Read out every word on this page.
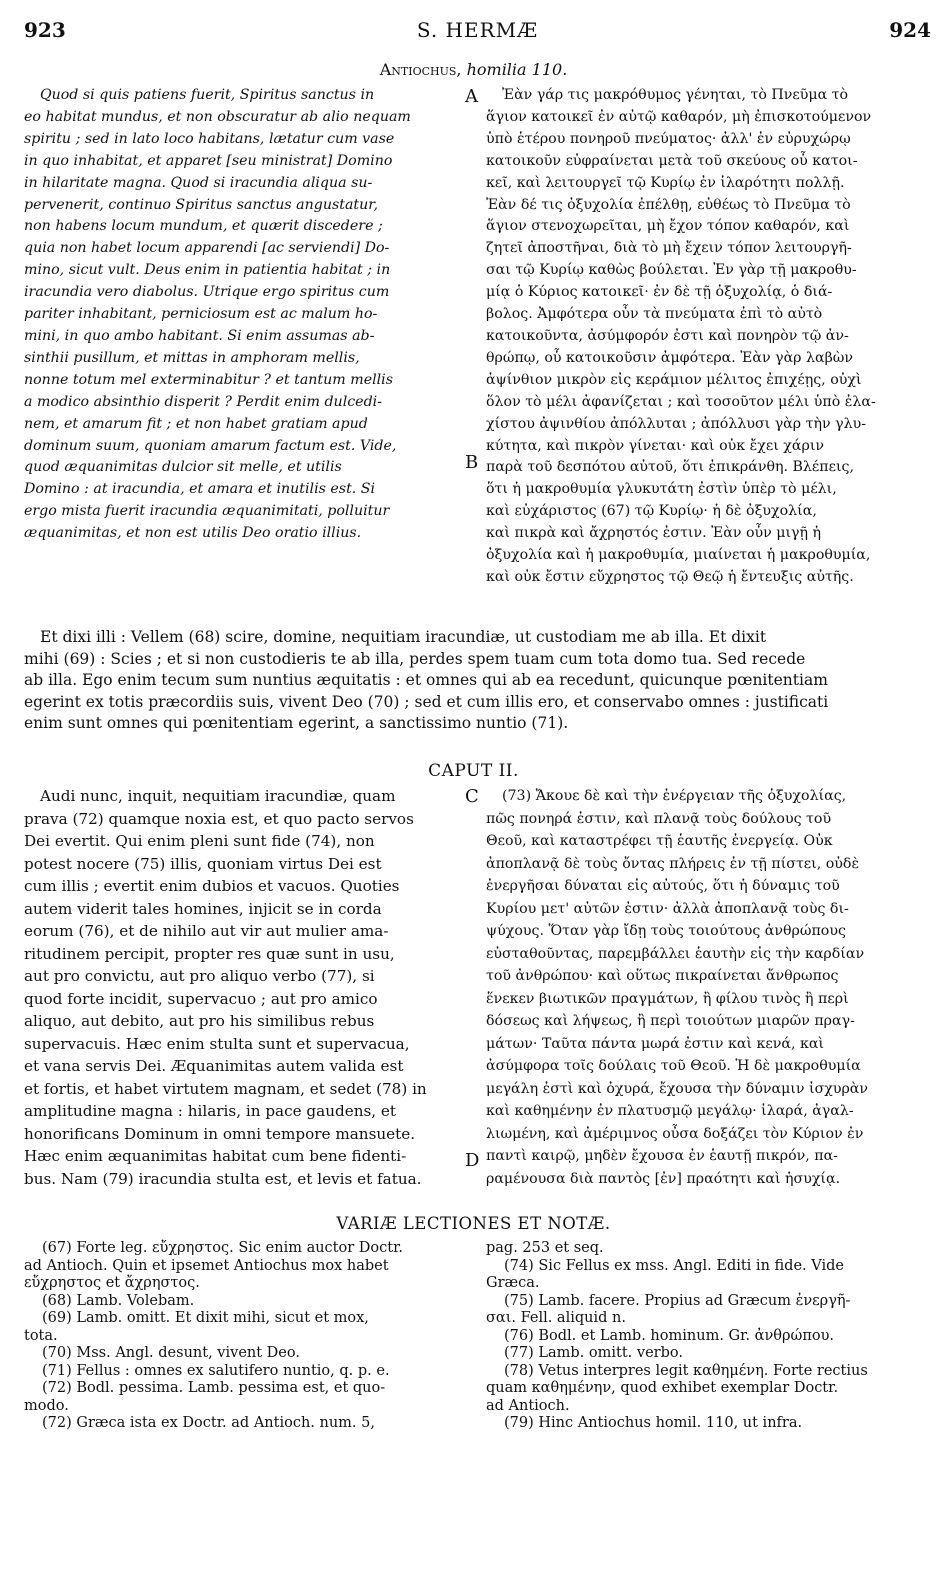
923	S. HERMÆ	924
Antiochus, homilia 110.
Quod si quis patiens fuerit, Spiritus sanctus in
eo habitat mundus, et non obscuratur ab alio nequam
spiritu ; sed in lato loco habitans, lætatur cum vase
in quo inhabitat, et apparet [seu ministrat] Domino
in hilaritate magna. Quod si iracundia aliqua su-
pervenerit, continuo Spiritus sanctus angustatur,
non habens locum mundum, et quærit discedere ;
quia non habet locum apparendi [ac serviendi] Do-
mino, sicut vult. Deus enim in patientia habitat ; in
iracundia vero diabolus. Utrique ergo spiritus cum
pariter inhabitant, perniciosum est ac malum ho-
mini, in quo ambo habitant. Si enim assumas ab-
sinthii pusillum, et mittas in amphoram mellis,
nonne totum mel exterminabitur ? et tantum mellis
a modico absinthio disperit ? Perdit enim dulcedi-
nem, et amarum fit ; et non habet gratiam apud
dominum suum, quoniam amarum factum est. Vide,
quod æquanimitas dulcior sit melle, et utilis
Domino : at iracundia, et amara et inutilis est. Si
ergo mista fuerit iracundia æquanimitati, polluitur
æquanimitas, et non est utilis Deo oratio illius.
Ἐὰν γάρ τις μακρόθυμος γένηται, τὸ Πνεῦμα τὸ
ἅγιον κατοικεῖ ἐν αὐτῷ καθαρόν, μὴ ἐπισκοτούμενον
ὑπὸ ἑτέρου πονηροῦ πνεύματος· ἀλλ' ἐν εὐρυχώρῳ
κατοικοῦν εὐφραίνεται μετὰ τοῦ σκεύους οὗ κατοι-
κεῖ, καὶ λειτουργεῖ τῷ Κυρίῳ ἐν ἱλαρότητι πολλῇ.
Ἐὰν δέ τις ὀξυχολία ἐπέλθῃ, εὐθέως τὸ Πνεῦμα τὸ
ἅγιον στενοχωρεῖται, μὴ ἔχον τόπον καθαρόν, καὶ
ζητεῖ ἀποστῆναι, διὰ τὸ μὴ ἔχειν τόπον λειτουργῆ-
σαι τῷ Κυρίῳ καθὼς βούλεται. Ἐν γὰρ τῇ μακροθυ-
μίᾳ ὁ Κύριος κατοικεῖ· ἐν δὲ τῇ ὀξυχολίᾳ, ὁ διά-
βολος. Ἀμφότερα οὖν τὰ πνεύματα ἐπὶ τὸ αὐτὸ
κατοικοῦντα, ἀσύμφορόν ἐστι καὶ πονηρὸν τῷ ἀν-
θρώπῳ, οὗ κατοικοῦσιν ἀμφότερα. Ἐὰν γὰρ λαβὼν
ἀψίνθιον μικρὸν εἰς κεράμιον μέλιτος ἐπιχέῃς, οὐχὶ
ὅλον τὸ μέλι ἀφανίζεται ; καὶ τοσοῦτον μέλι ὑπὸ ἐλα-
χίστου ἀψινθίου ἀπόλλυται ; ἀπόλλυσι γὰρ τὴν γλυ-
κύτητα, καὶ πικρὸν γίνεται· καὶ οὐκ ἔχει χάριν
παρὰ τοῦ δεσπότου αὐτοῦ, ὅτι ἐπικράνθη. Βλέπεις,
ὅτι ἡ μακροθυμία γλυκυτάτη ἐστὶν ὑπὲρ τὸ μέλι,
καὶ εὐχάριστος (67) τῷ Κυρίῳ· ἡ δὲ ὀξυχολία,
καὶ πικρὰ καὶ ἄχρηστός ἐστιν. Ἐὰν οὖν μιγῇ ἡ
ὀξυχολία καὶ ἡ μακροθυμία, μιαίνεται ἡ μακροθυμία,
καὶ οὐκ ἔστιν εὔχρηστος τῷ Θεῷ ἡ ἔντευξις αὐτῆς.
A
B
C
D
Et dixi illi : Vellem (68) scire, domine, nequitiam iracundiæ, ut custodiam me ab illa. Et dixit
mihi (69) : Scies ; et si non custodieris te ab illa, perdes spem tuam cum tota domo tua. Sed recede
ab illa. Ego enim tecum sum nuntius æquitatis : et omnes qui ab ea recedunt, quicunque pœnitentiam
egerint ex totis præcordiis suis, vivent Deo (70) ; sed et cum illis ero, et conservabo omnes : justificati
enim sunt omnes qui pœnitentiam egerint, a sanctissimo nuntio (71).
CAPUT II.
Audi nunc, inquit, nequitiam iracundiæ, quam
prava (72) quamque noxia est, et quo pacto servos
Dei evertit. Qui enim pleni sunt fide (74), non
potest nocere (75) illis, quoniam virtus Dei est
cum illis ; evertit enim dubios et vacuos. Quoties
autem viderit tales homines, injicit se in corda
eorum (76), et de nihilo aut vir aut mulier ama-
ritudinem percipit, propter res quæ sunt in usu,
aut pro convictu, aut pro aliquo verbo (77), si
quod forte incidit, supervacuo ; aut pro amico
aliquo, aut debito, aut pro his similibus rebus
supervacuis. Hæc enim stulta sunt et supervacua,
et vana servis Dei. Æquanimitas autem valida est
et fortis, et habet virtutem magnam, et sedet (78) in
amplitudine magna : hilaris, in pace gaudens, et
honorificans Dominum in omni tempore mansuete.
Hæc enim æquanimitas habitat cum bene fidenti-
bus. Nam (79) iracundia stulta est, et levis et fatua.
(73) Ἄκουε δὲ καὶ τὴν ἐνέργειαν τῆς ὀξυχολίας,
πῶς πονηρά ἐστιν, καὶ πλανᾷ τοὺς δούλους τοῦ
Θεοῦ, καὶ καταστρέφει τῇ ἑαυτῆς ἐνεργείᾳ. Οὐκ
ἀποπλανᾷ δὲ τοὺς ὄντας πλήρεις ἐν τῇ πίστει, οὐδὲ
ἐνεργῆσαι δύναται εἰς αὐτούς, ὅτι ἡ δύναμις τοῦ
Κυρίου μετ' αὐτῶν ἐστιν· ἀλλὰ ἀποπλανᾷ τοὺς δι-
ψύχους. Ὅταν γὰρ ἴδῃ τοὺς τοιούτους ἀνθρώπους
εὐσταθοῦντας, παρεμβάλλει ἑαυτὴν εἰς τὴν καρδίαν
τοῦ ἀνθρώπου· καὶ οὕτως πικραίνεται ἄνθρωπος
ἕνεκεν βιωτικῶν πραγμάτων, ἢ φίλου τινὸς ἢ περὶ
δόσεως καὶ λήψεως, ἢ περὶ τοιούτων μιαρῶν πραγ-
μάτων· Ταῦτα πάντα μωρά ἐστιν καὶ κενά, καὶ
ἀσύμφορα τοῖς δούλαις τοῦ Θεοῦ. Ἡ δὲ μακροθυμία
μεγάλη ἐστὶ καὶ ὀχυρά, ἔχουσα τὴν δύναμιν ἰσχυρὰν
καὶ καθημένην ἐν πλατυσμῷ μεγάλῳ· ἱλαρά, ἀγαλ-
λιωμένη, καὶ ἀμέριμνος οὖσα δοξάζει τὸν Κύριον ἐν
παντὶ καιρῷ, μηδὲν ἔχουσα ἐν ἑαυτῇ πικρόν, πα-
ραμένουσα διὰ παντὸς [ἐν] πραότητι καὶ ἡσυχίᾳ.
VARIÆ LECTIONES ET NOTÆ.
(67) Forte leg. εὔχρηστος. Sic enim auctor Doctr.
ad Antioch. Quin et ipsemet Antiochus mox habet
εὔχρηστος et ἄχρηστος.
(68) Lamb. Volebam.
(69) Lamb. omitt. Et dixit mihi, sicut et mox,
tota.
(70) Mss. Angl. desunt, vivent Deo.
(71) Fellus : omnes ex salutifero nuntio, q. p. e.
(72) Bodl. pessima. Lamb. pessima est, et quo-
modo.
(72) Græca ista ex Doctr. ad Antioch. num. 5,
pag. 253 et seq.
(74) Sic Fellus ex mss. Angl. Editi in fide. Vide
Græca.
(75) Lamb. facere. Propius ad Græcum ἐνεργῆ-
σαι. Fell. aliquid n.
(76) Bodl. et Lamb. hominum. Gr. ἀνθρώπου.
(77) Lamb. omitt. verbo.
(78) Vetus interpres legit καθημένη. Forte rectius
quam καθημένην, quod exhibet exemplar Doctr.
ad Antioch.
(79) Hinc Antiochus homil. 110, ut infra.
